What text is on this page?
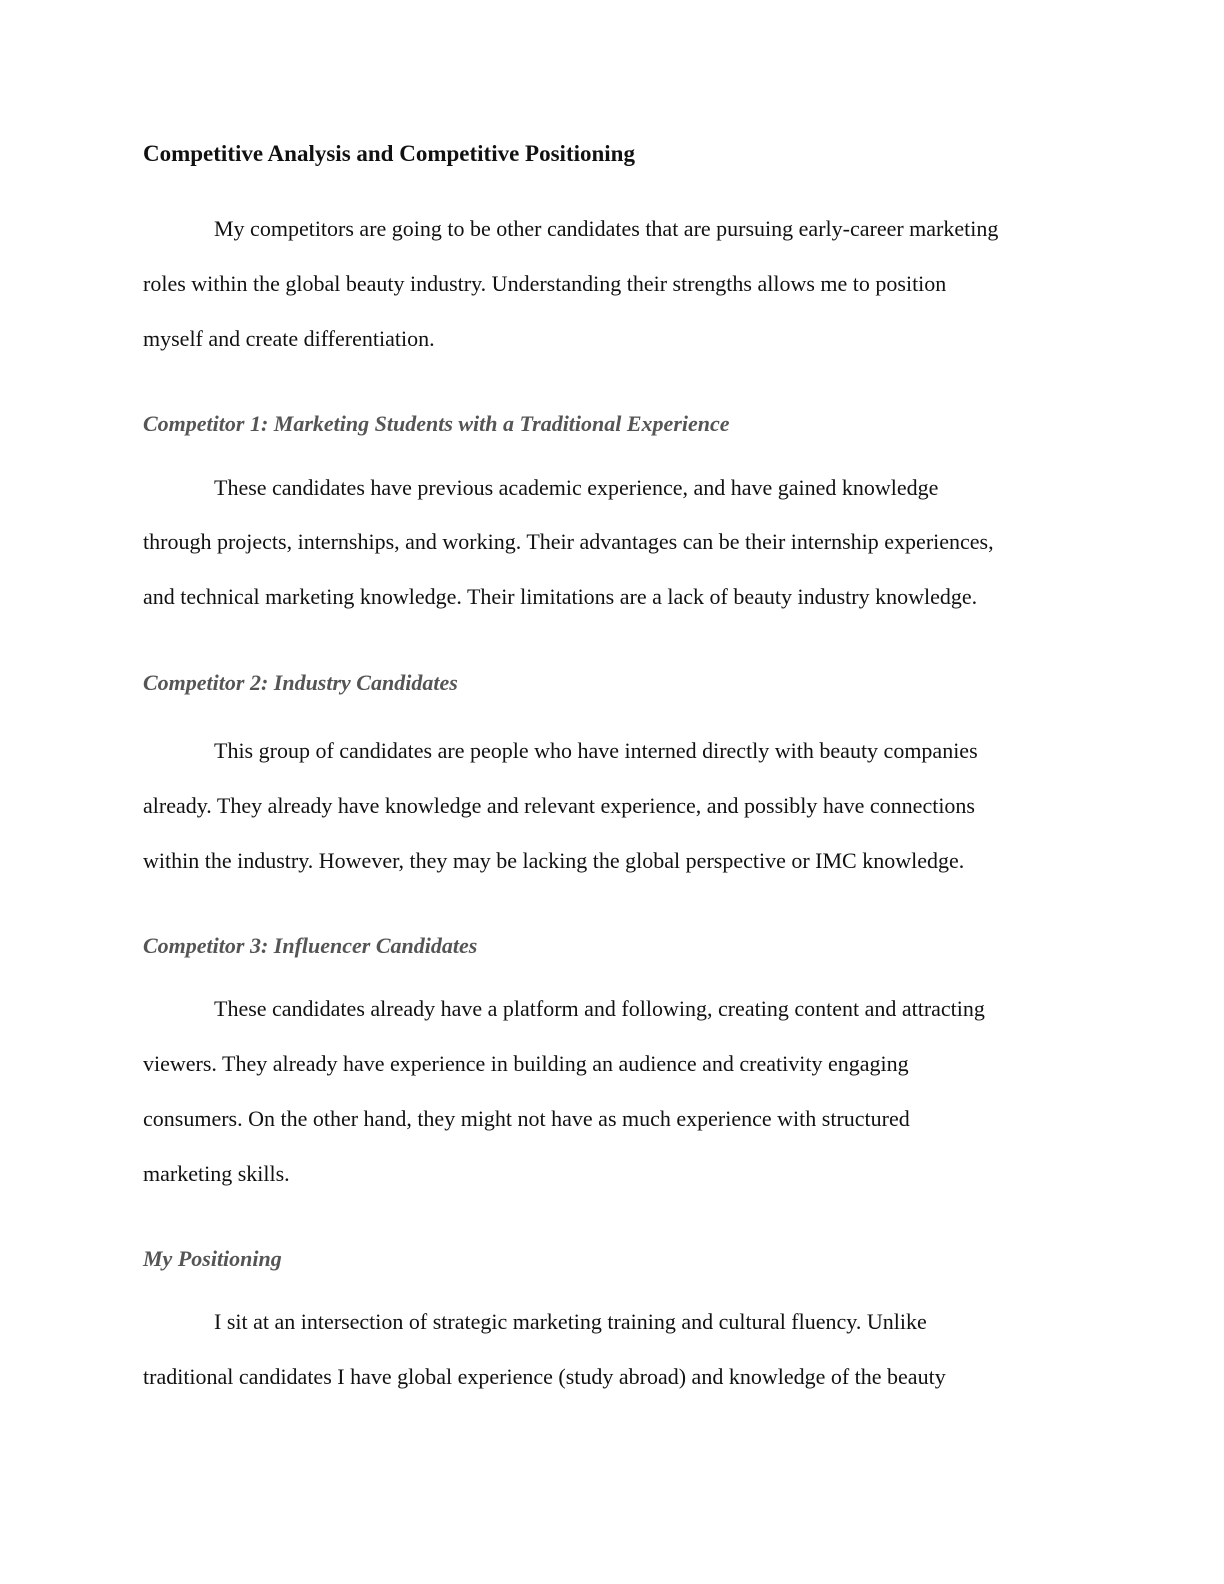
Competitive Analysis and Competitive Positioning

My competitors are going to be other candidates that are pursuing early-career marketing

roles within the global beauty industry. Understanding their strengths allows me to position

myself and create differentiation.

Competitor 1: Marketing Students with a Traditional Experience

These candidates have previous academic experience, and have gained knowledge

through projects, internships, and working. Their advantages can be their internship experiences,

and technical marketing knowledge. Their limitations are a lack of beauty industry knowledge.

Competitor 2: Industry Candidates

This group of candidates are people who have interned directly with beauty companies

already. They already have knowledge and relevant experience, and possibly have connections

within the industry. However, they may be lacking the global perspective or IMC knowledge.

Competitor 3: Influencer Candidates

These candidates already have a platform and following, creating content and attracting

viewers. They already have experience in building an audience and creativity engaging

consumers. On the other hand, they might not have as much experience with structured

marketing skills.

My Positioning

I sit at an intersection of strategic marketing training and cultural fluency. Unlike

traditional candidates I have global experience (study abroad) and knowledge of the beauty
